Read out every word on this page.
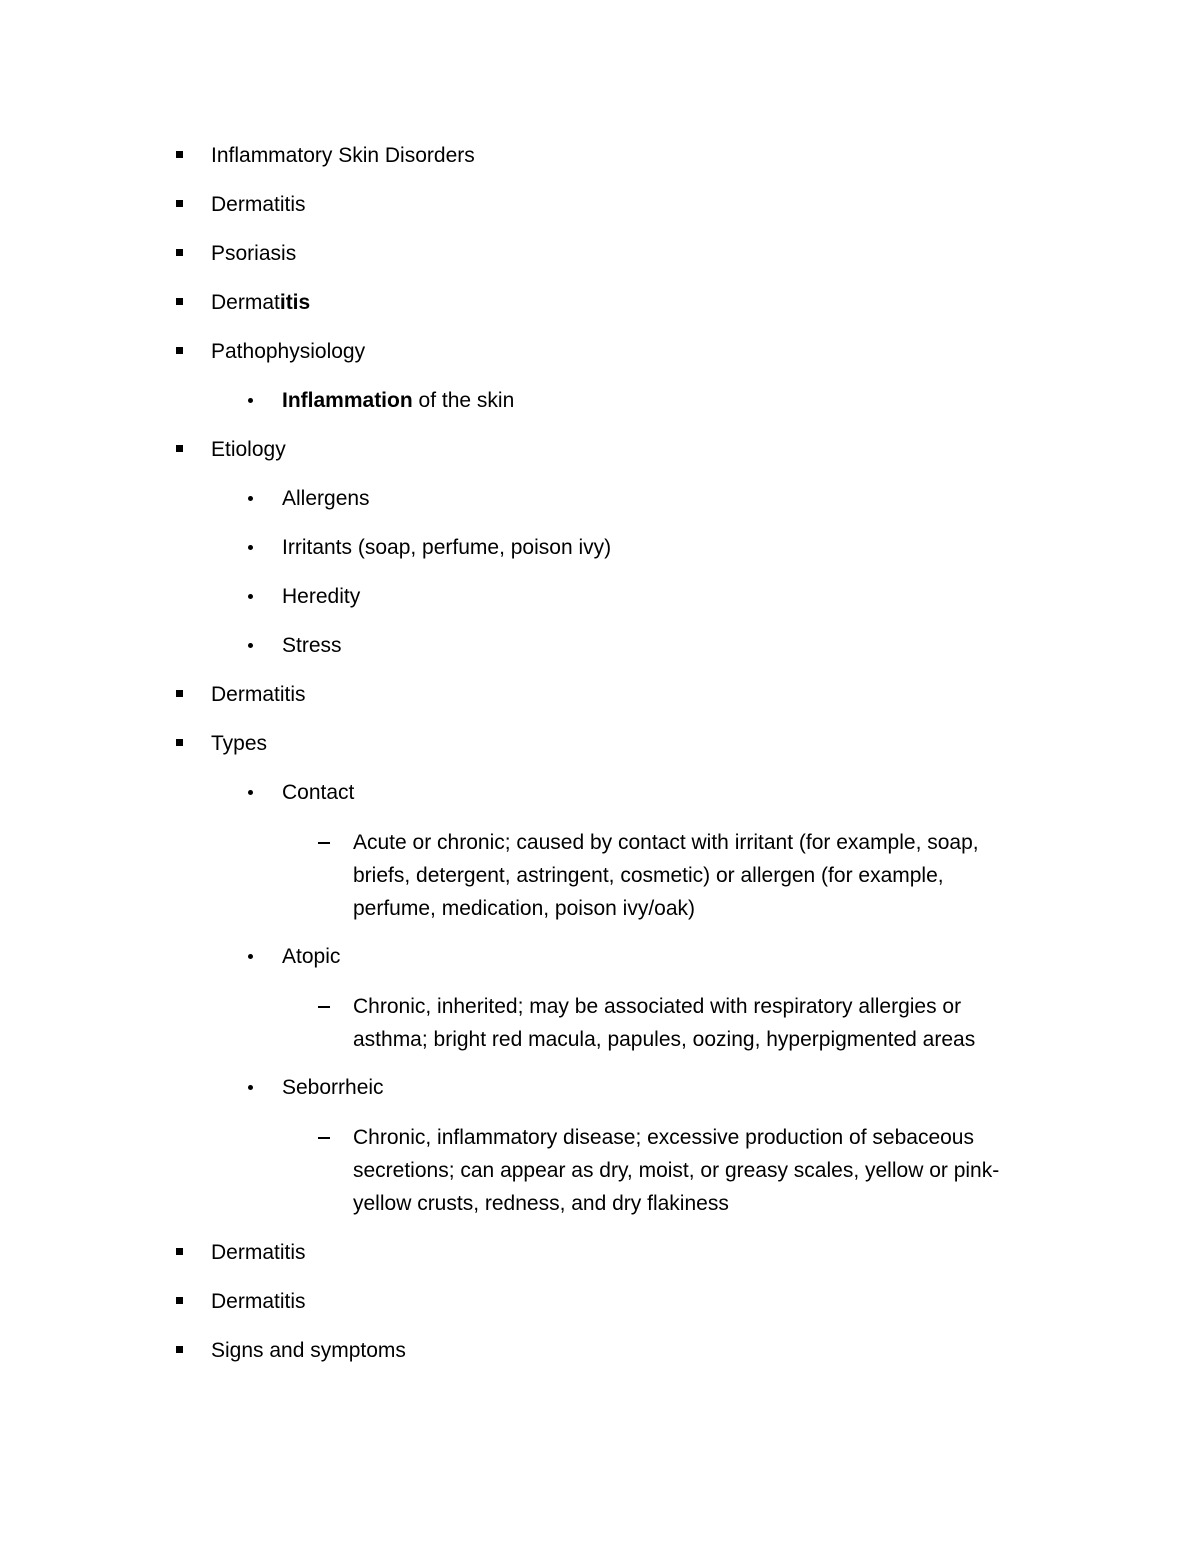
Inflammatory Skin Disorders
Dermatitis
Psoriasis
Dermatitis
Pathophysiology
Inflammation of the skin
Etiology
Allergens
Irritants (soap, perfume, poison ivy)
Heredity
Stress
Dermatitis
Types
Contact
Acute or chronic; caused by contact with irritant (for example, soap,
briefs, detergent, astringent, cosmetic) or allergen (for example,
perfume, medication, poison ivy/oak)
Atopic
Chronic, inherited; may be associated with respiratory allergies or
asthma; bright red macula, papules, oozing, hyperpigmented areas
Seborrheic
Chronic, inflammatory disease; excessive production of sebaceous
secretions; can appear as dry, moist, or greasy scales, yellow or pink-
yellow crusts, redness, and dry flakiness
Dermatitis
Dermatitis
Signs and symptoms
